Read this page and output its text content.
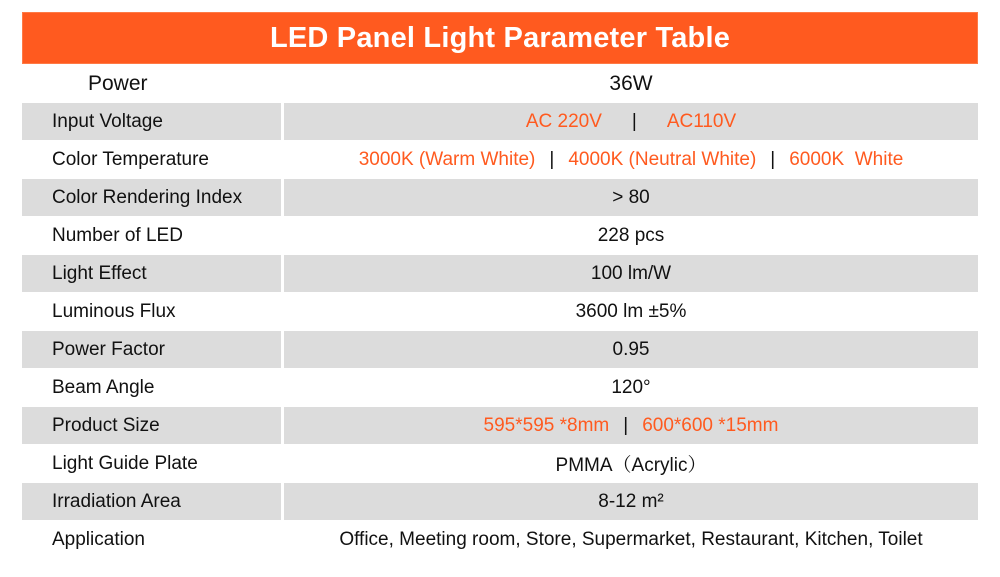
LED Panel Light Parameter Table
Power	36W
Input Voltage	AC 220V | AC110V
Color Temperature	3000K (Warm White) | 4000K (Neutral White) | 6000K  White
Color Rendering Index	> 80
Number of LED	228 pcs
Light Effect	100 lm/W
Luminous Flux	3600 lm ±5%
Power Factor	0.95
Beam Angle	120°
Product Size	595*595 *8mm | 600*600 *15mm
Light Guide Plate	PMMA（Acrylic）
Irradiation Area	8-12 m²
Application	Office, Meeting room, Store, Supermarket, Restaurant, Kitchen, Toilet
